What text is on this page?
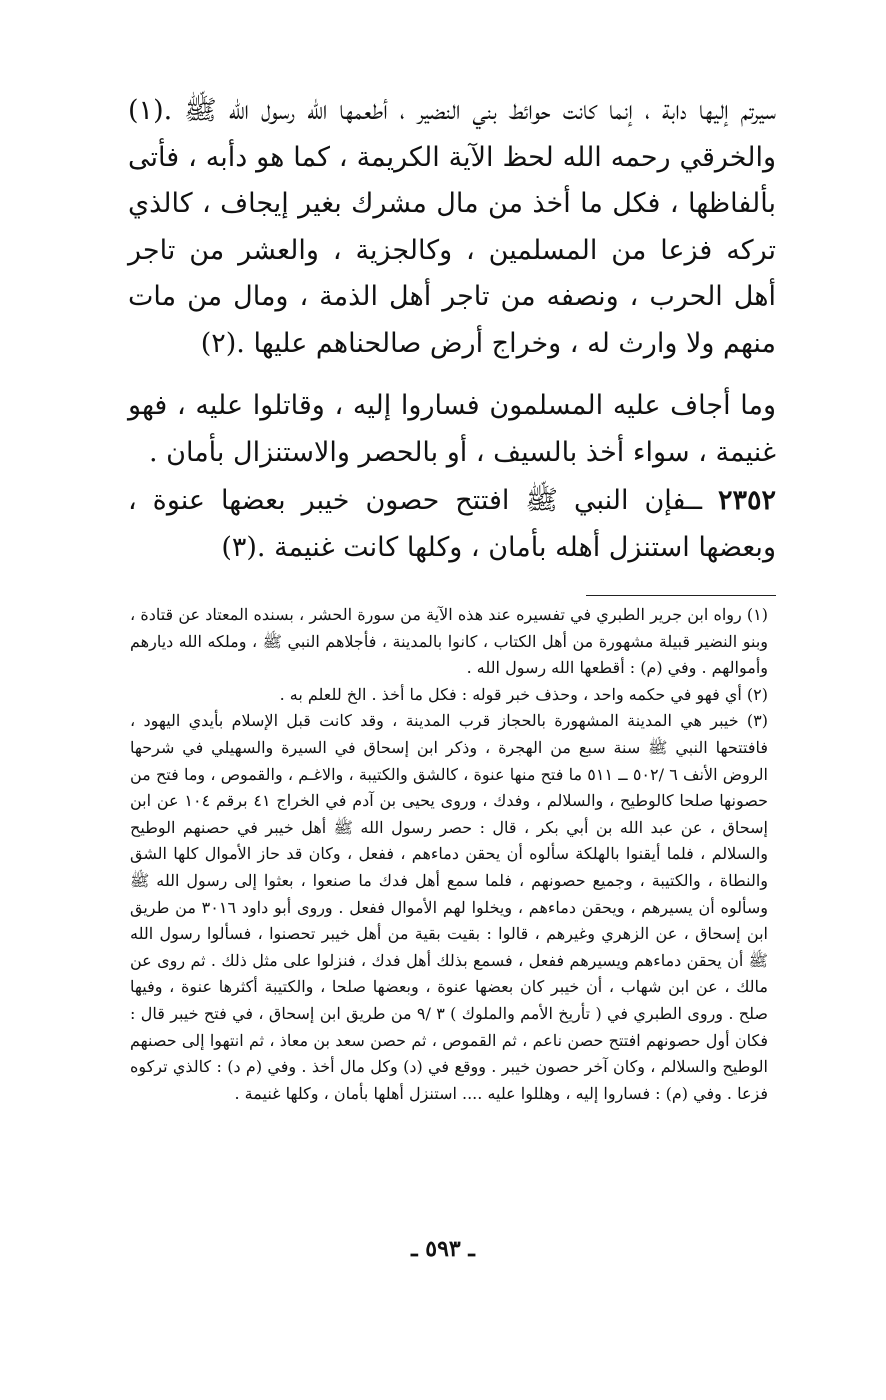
سيرتم إليها دابة ، إنما كانت حوائط بني النضير ، أطعمها الله رسول الله ﷺ .(١) والخرقي رحمه الله لحظ الآية الكريمة ، كما هو دأبه ، فأتى بألفاظها ، فكل ما أخذ من مال مشرك بغير إيجاف ، كالذي تركه فزعا من المسلمين ، وكالجزية ، والعشر من تاجر أهل الحرب ، ونصفه من تاجر أهل الذمة ، ومال من مات منهم ولا وارث له ، وخراج أرض صالحناهم عليها .(٢)

وما أجاف عليه المسلمون فساروا إليه ، وقاتلوا عليه ، فهو غنيمة ، سواء أخذ بالسيف ، أو بالحصر والاستنزال بأمان .

٢٣٥٢ ــفإن النبي ﷺ افتتح حصون خيبر بعضها عنوة ، وبعضها استنزل أهله بأمان ، وكلها كانت غنيمة .(٣)

(١) رواه ابن جرير الطبري في تفسيره عند هذه الآية من سورة الحشر ، بسنده المعتاد عن قتادة ، وبنو النضير قبيلة مشهورة من أهل الكتاب ، كانوا بالمدينة ، فأجلاهم النبي ﷺ ، وملكه الله ديارهم وأموالهم . وفي (م) : أقطعها الله رسول الله .

(٢) أي فهو في حكمه واحد ، وحذف خبر قوله : فكل ما أخذ . الخ للعلم به .

(٣) خيبر هي المدينة المشهورة بالحجاز قرب المدينة ، وقد كانت قبل الإسلام بأيدي اليهود ، فافتتحها النبي ﷺ سنة سبع من الهجرة ، وذكر ابن إسحاق في السيرة والسهيلي في شرحها الروض الأنف ٦ /٥٠٢ ــ ٥١١ ما فتح منها عنوة ، كالشق والكتيبة ، والاغـم ، والقموص ، وما فتح من حصونها صلحا كالوطيح ، والسلالم ، وفدك ، وروى يحيى بن آدم في الخراج ٤١ برقم ١٠٤ عن ابن إسحاق ، عن عبد الله بن أبي بكر ، قال : حصر رسول الله ﷺ أهل خيبر في حصنهم الوطيح والسلالم ، فلما أيقنوا بالهلكة سألوه أن يحقن دماءهم ، ففعل ، وكان قد حاز الأموال كلها الشق والنطاة ، والكتيبة ، وجميع حصونهم ، فلما سمع أهل فدك ما صنعوا ، بعثوا إلى رسول الله ﷺ وسألوه أن يسيرهم ، ويحقن دماءهم ، ويخلوا لهم الأموال ففعل . وروى أبو داود ٣٠١٦ من طريق ابن إسحاق ، عن الزهري وغيرهم ، قالوا : بقيت بقية من أهل خيبر تحصنوا ، فسألوا رسول الله ﷺ أن يحقن دماءهم ويسيرهم ففعل ، فسمع بذلك أهل فدك ، فنزلوا على مثل ذلك . ثم روى عن مالك ، عن ابن شهاب ، أن خيبر كان بعضها عنوة ، وبعضها صلحا ، والكتيبة أكثرها عنوة ، وفيها صلح . وروى الطبري في ( تأريخ الأمم والملوك ) ٣ /٩ من طريق ابن إسحاق ، في فتح خيبر قال : فكان أول حصونهم افتتح حصن ناعم ، ثم القموص ، ثم حصن سعد بن معاذ ، ثم انتهوا إلى حصنهم الوطيح والسلالم ، وكان آخر حصون خيبر . ووقع في (د) وكل مال أخذ . وفي (م د) : كالذي تركوه فزعا . وفي (م) : فساروا إليه ، وهللوا عليه .... استنزل أهلها بأمان ، وكلها غنيمة .

ـ ٥٩٣ ـ
